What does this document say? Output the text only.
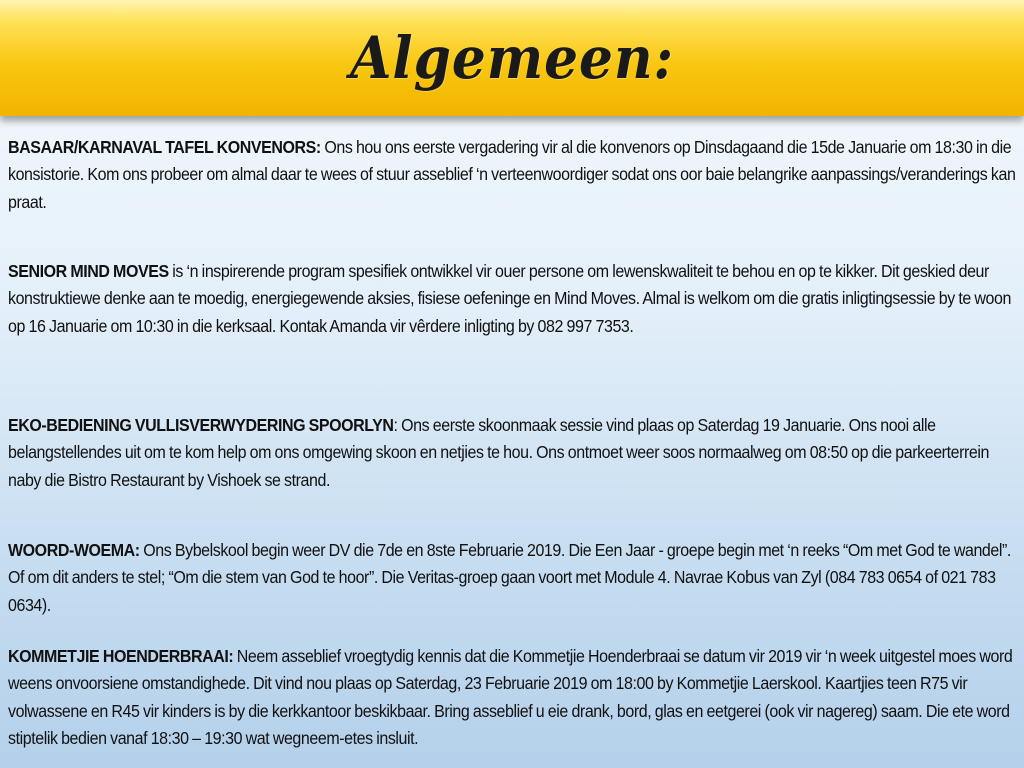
Algemeen:

BASAAR/KARNAVAL TAFEL KONVENORS: Ons hou ons eerste vergadering vir al die konvenors op Dinsdagaand die 15de Januarie om 18:30 in die konsistorie. Kom ons probeer om almal daar te wees of stuur asseblief ‘n verteenwoordiger sodat ons oor baie belangrike aanpassings/veranderings kan praat.

SENIOR MIND MOVES is ‘n inspirerende program spesifiek ontwikkel vir ouer persone om lewenskwaliteit te behou en op te kikker. Dit geskied deur konstruktiewe denke aan te moedig, energiegewende aksies, fisiese oefeninge en Mind Moves. Almal is welkom om die gratis inligtingsessie by te woon op 16 Januarie om 10:30 in die kerksaal. Kontak Amanda vir vêrdere inligting by 082 997 7353.

EKO-BEDIENING VULLISVERWYDERING SPOORLYN: Ons eerste skoonmaak sessie vind plaas op Saterdag 19 Januarie. Ons nooi alle belangstellendes uit om te kom help om ons omgewing skoon en netjies te hou. Ons ontmoet weer soos normaalweg om 08:50 op die parkeerterrein naby die Bistro Restaurant by Vishoek se strand.

WOORD-WOEMA: Ons Bybelskool begin weer DV die 7de en 8ste Februarie 2019. Die Een Jaar - groepe begin met ‘n reeks “Om met God te wandel”. Of om dit anders te stel; “Om die stem van God te hoor”. Die Veritas-groep gaan voort met Module 4. Navrae Kobus van Zyl (084 783 0654 of 021 783 0634).

KOMMETJIE HOENDERBRAAI: Neem asseblief vroegtydig kennis dat die Kommetjie Hoenderbraai se datum vir 2019 vir ‘n week uitgestel moes word weens onvoorsiene omstandighede. Dit vind nou plaas op Saterdag, 23 Februarie 2019 om 18:00 by Kommetjie Laerskool. Kaartjies teen R75 vir volwassene en R45 vir kinders is by die kerkkantoor beskikbaar. Bring asseblief u eie drank, bord, glas en eetgerei (ook vir nagereg) saam. Die ete word stiptelik bedien vanaf 18:30 – 19:30 wat wegneem-etes insluit.
